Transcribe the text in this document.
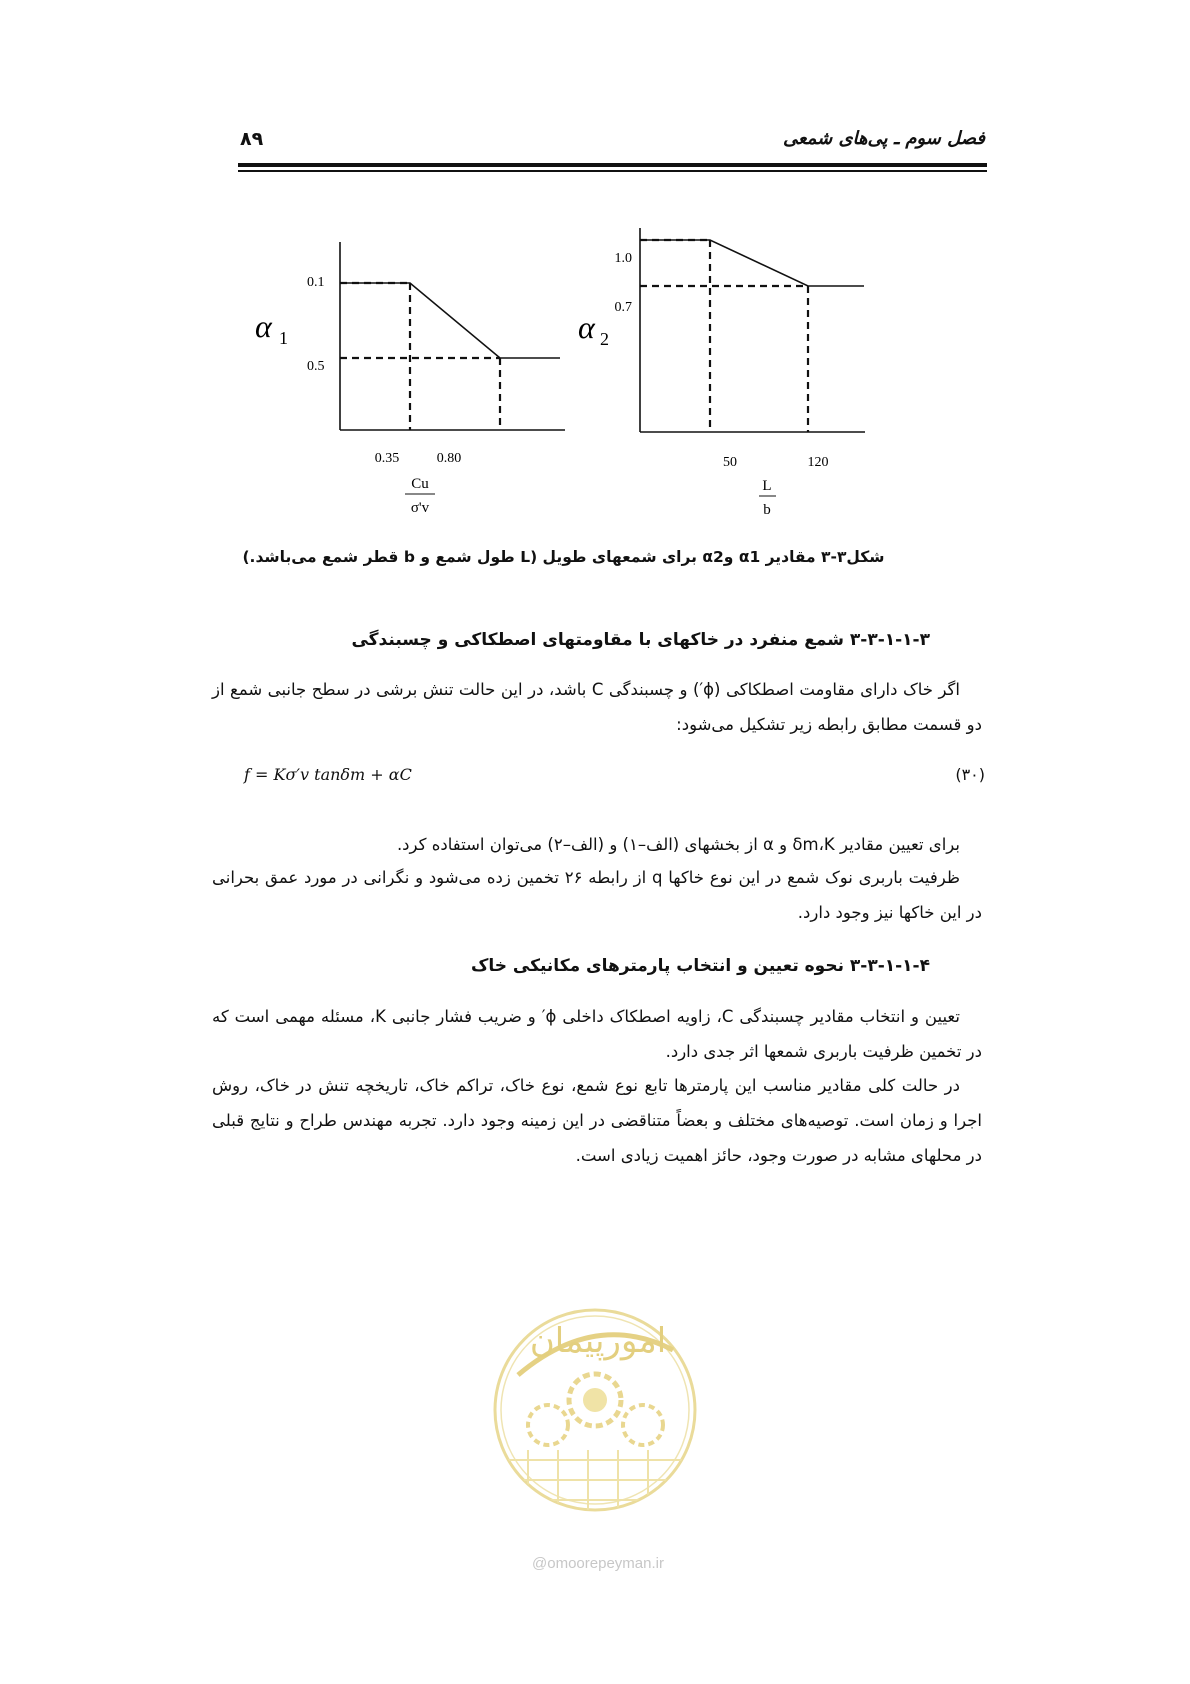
۸۹	فصل سوم ـ پی‌های شمعی
α 1
0.1
0.5
0.35	0.80
Cu
σ'v
α 2
1.0
0.7
50	120
L
b
شکل۳-۳ مقادیر α1 وα2 برای شمعهای طویل (L طول شمع و b قطر شمع می‌باشد.)
۳-۳-۱-۱-۳ شمع منفرد در خاکهای با مقاومتهای اصطکاکی و چسبندگی
اگر خاک دارای مقاومت اصطکاکی (ϕ′) و چسبندگی C باشد، در این حالت تنش برشی در سطح جانبی شمع از دو قسمت مطابق رابطه زیر تشکیل می‌شود:
f = Kσ′v tanδm + αC	(۳۰)
برای تعیین مقادیر δm،K و α از بخشهای (الف–۱) و (الف–۲) می‌توان استفاده کرد.
ظرفیت باربری نوک شمع در این نوع خاکها q از رابطه ۲۶ تخمین زده می‌شود و نگرانی در مورد عمق بحرانی در این خاکها نیز وجود دارد.
۳-۳-۱-۱-۴ نحوه تعیین و انتخاب پارمترهای مکانیکی خاک
تعیین و انتخاب مقادیر چسبندگی C، زاویه اصطکاک داخلی ϕ′ و ضریب فشار جانبی K، مسئله مهمی است که در تخمین ظرفیت باربری شمعها اثر جدی دارد.
در حالت کلی مقادیر مناسب این پارمترها تابع نوع شمع، نوع خاک، تراکم خاک، تاریخچه تنش در خاک، روش اجرا و زمان است. توصیه‌های مختلف و بعضاً متناقضی در این زمینه وجود دارد. تجربه مهندس طراح و نتایج قبلی در محلهای مشابه در صورت وجود، حائز اهمیت زیادی است.
امورپیمان
@omoorepeyman.ir
